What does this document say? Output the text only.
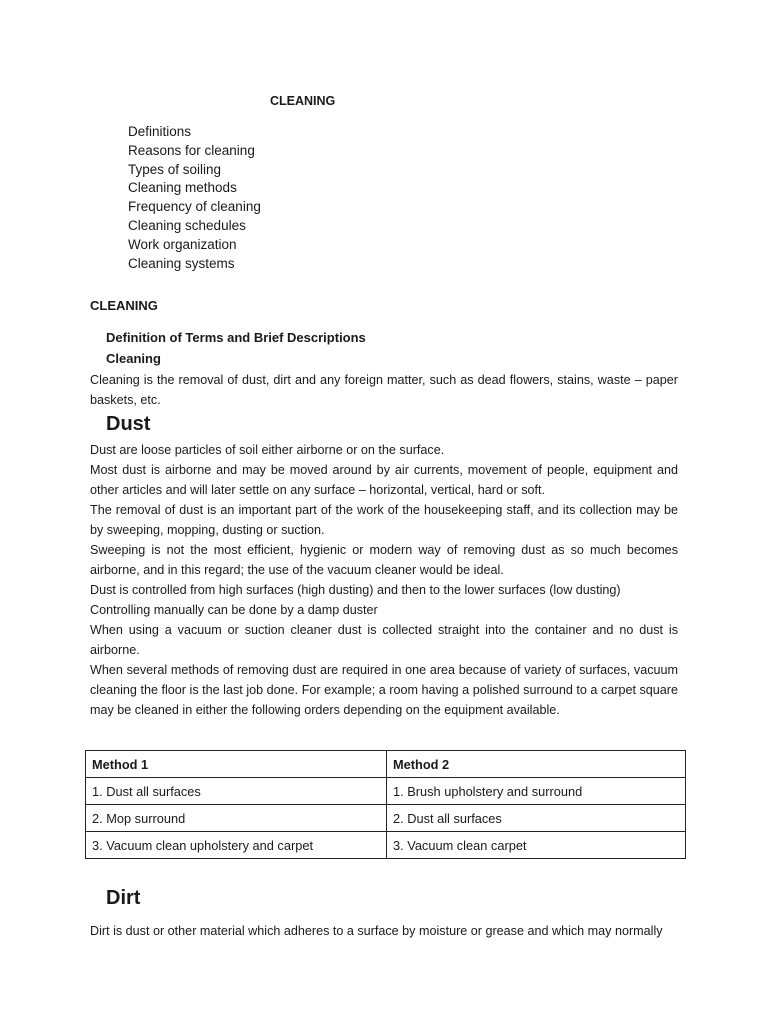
CLEANING
Definitions
Reasons for cleaning
Types of soiling
Cleaning methods
Frequency of cleaning
Cleaning schedules
Work organization
Cleaning systems
CLEANING
Definition of Terms and Brief Descriptions
Cleaning

Cleaning is the removal of dust, dirt and any foreign matter, such as dead flowers, stains, waste – paper baskets, etc.

Dust

Dust are loose particles of soil either airborne or on the surface.

Most dust is airborne and may be moved around by air currents, movement of people, equipment and other articles and will later settle on any surface – horizontal, vertical, hard or soft.

The removal of dust is an important part of the work of the housekeeping staff, and its collection may be by sweeping, mopping, dusting or suction.

Sweeping is not the most efficient, hygienic or modern way of removing dust as so much becomes airborne, and in this regard; the use of the vacuum cleaner would be ideal.

Dust is controlled from high surfaces (high dusting) and then to the lower surfaces (low dusting)

Controlling manually can be done by a damp duster

When using a vacuum or suction cleaner dust is collected straight into the container and no dust is airborne.

When several methods of removing dust are required in one area because of variety of surfaces, vacuum cleaning the floor is the last job done. For example; a room having a polished surround to a carpet square may be cleaned in either the following orders depending on the equipment available.

Method 1	Method 2
1. Dust all surfaces	1. Brush upholstery and surround
2. Mop surround	2. Dust all surfaces
3. Vacuum clean upholstery and carpet	3. Vacuum clean carpet
Dirt

Dirt is dust or other material which adheres to a surface by moisture or grease and which may normally
